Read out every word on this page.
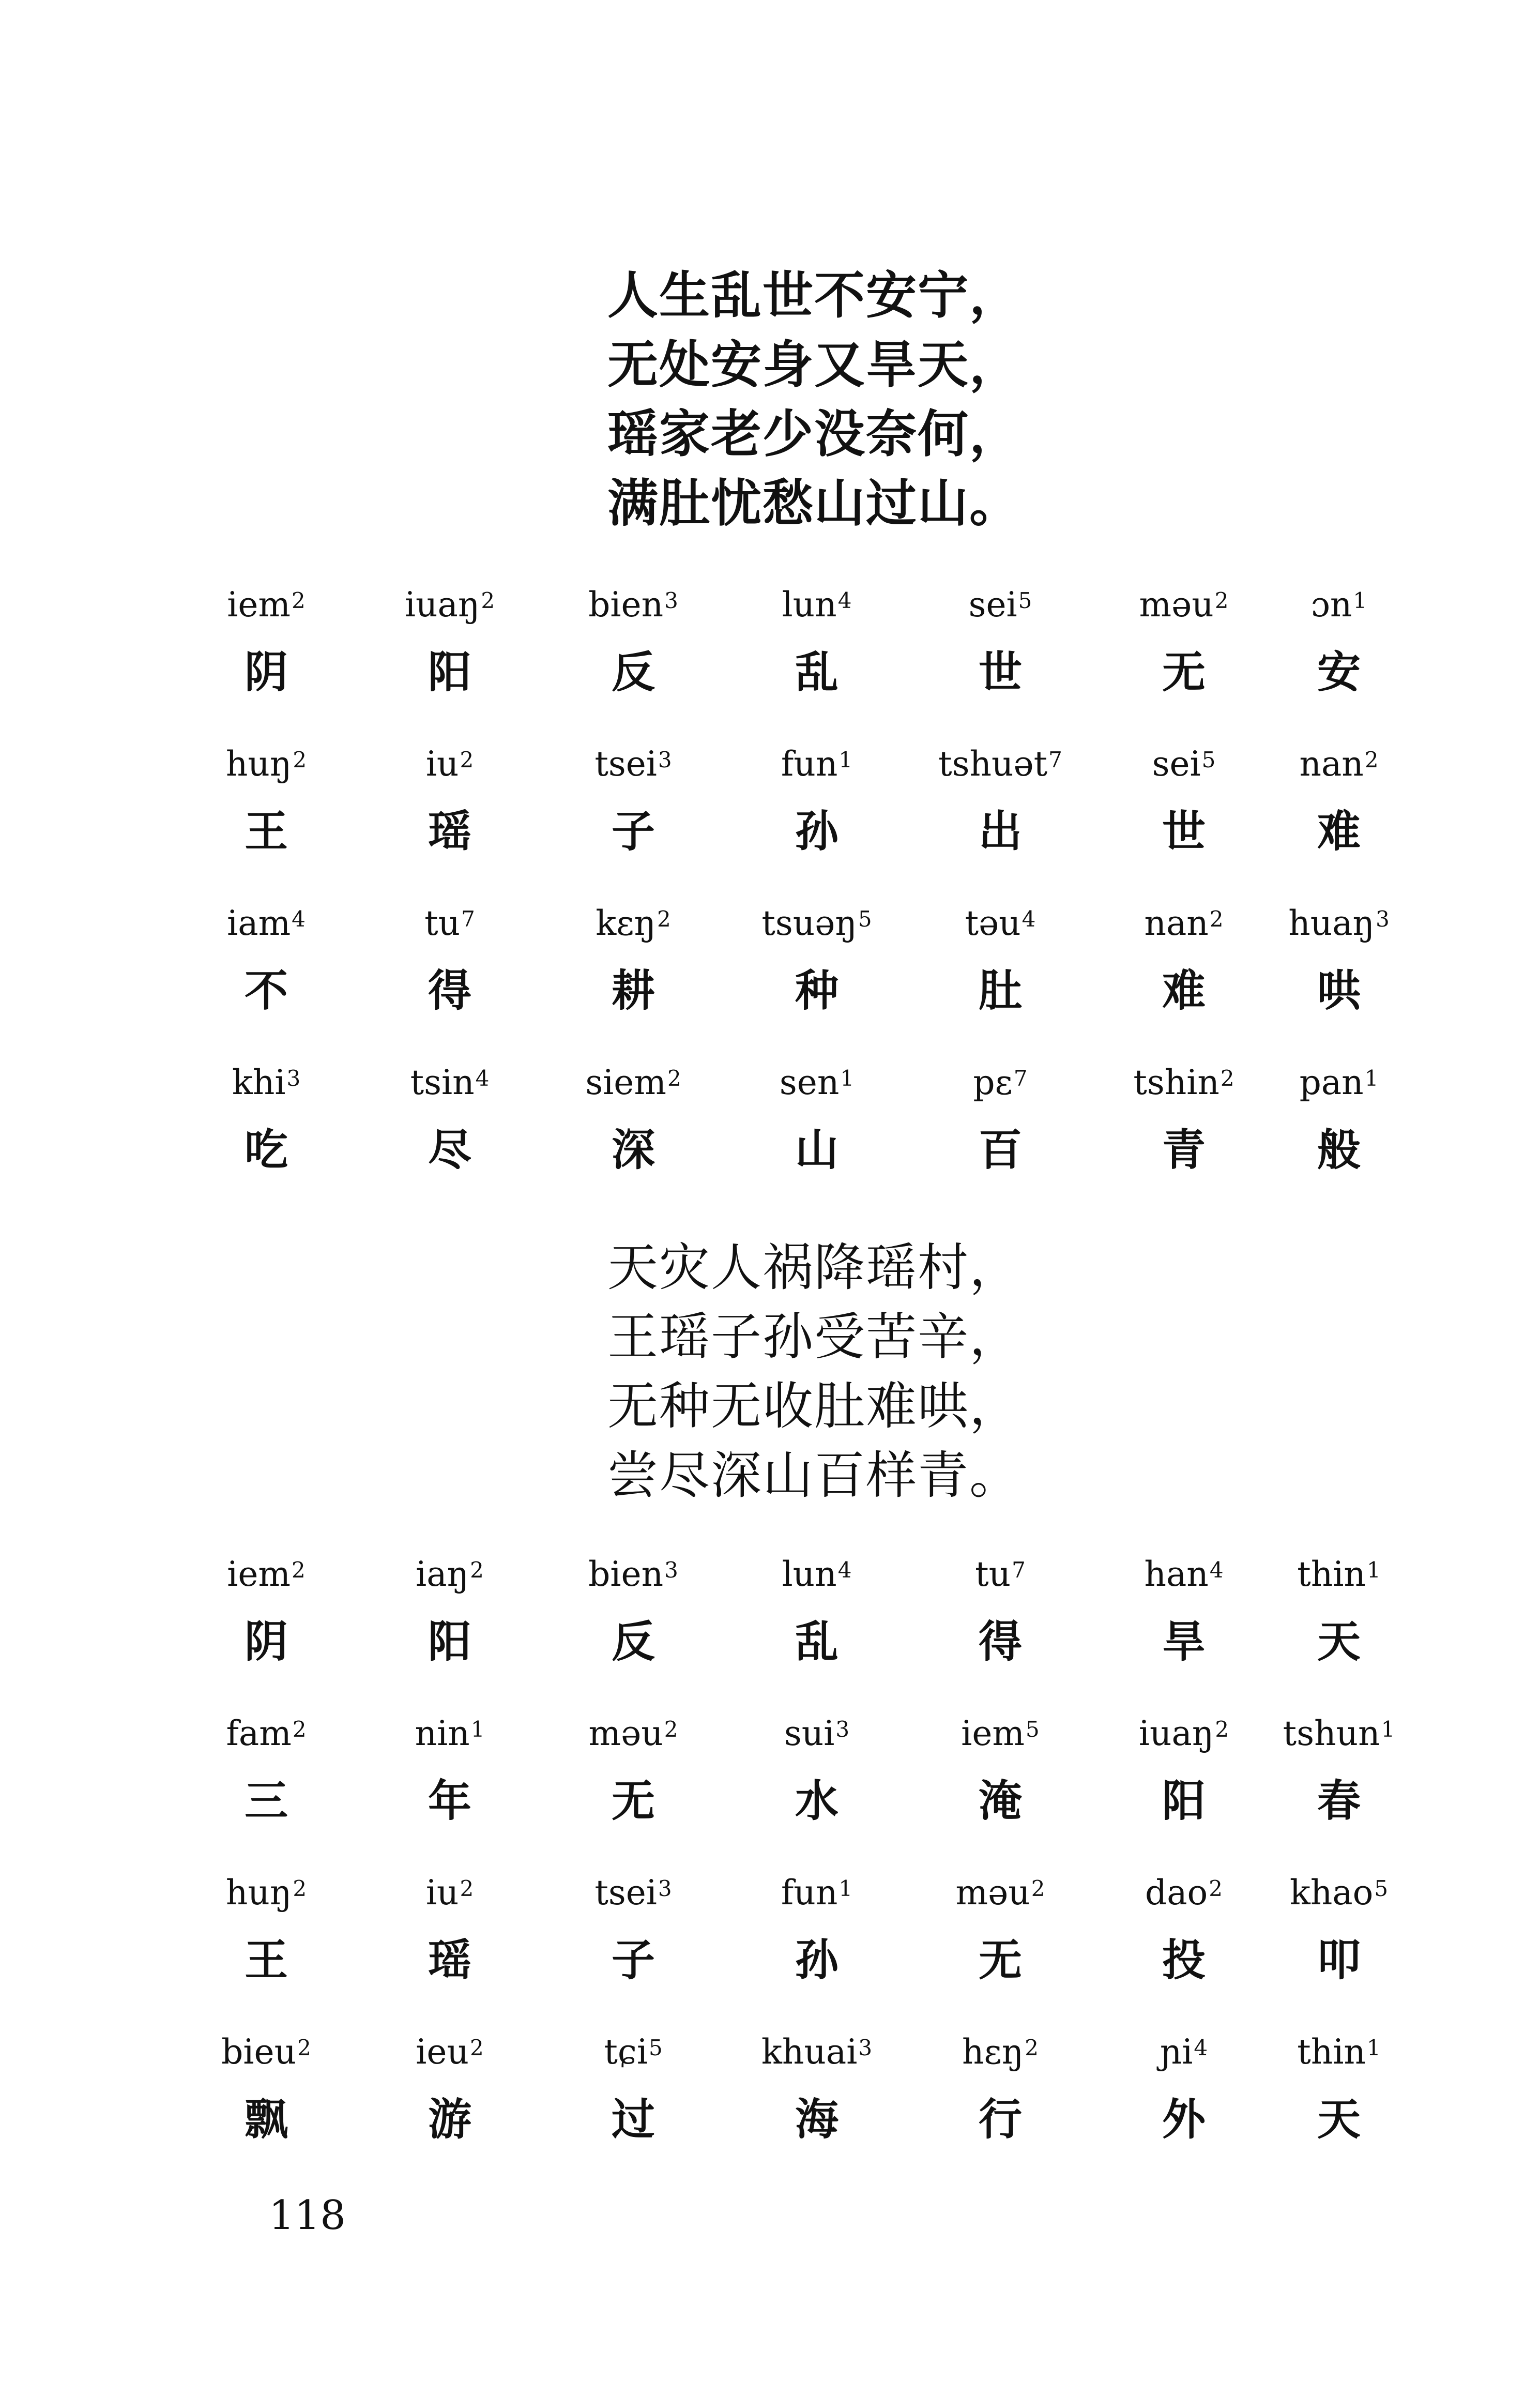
人生乱世不安宁，
无处安身又旱天，
瑶家老少没奈何，
满肚忧愁山过山。
iem$^2$
阴
iuaŋ$^2$
阳
bien$^3$
反
lun$^4$
乱
sei$^5$
世
məu$^2$
无
ɔn$^1$
安
huŋ$^2$
王
$iu^2$
瑶
tsei$^3$
子
fun$^1$
孙
tshuət$^7$
出
sei$^5$
世
nan$^2$
难
iam$^4$
不
$tu^7$
得
kɛŋ$^2$
耕
tsuəŋ$^5$
种
təu$^4$
肚
nan$^2$
难
huaŋ$^3$
哄
khi$^3$
吃
tsin$^4$
尽
siem$^2$
深
sen$^1$
山
pɛ$^7$
百
tshin$^2$
青
pan$^1$
般
天灾人祸降瑶村，
王瑶子孙受苦辛，
无种无收肚难哄，
尝尽深山百样青。
iem$^2$
阴
iaŋ$^2$
阳
bien$^3$
反
lun$^4$
乱
$tu^7$
得
han$^4$
旱
thin$^1$
天
fam$^2$
三
nin$^1$
年
məu$^2$
无
sui$^3$
水
iem$^5$
淹
iuaŋ$^2$
阳
tshun$^1$
春
huŋ$^2$
王
$iu^2$
瑶
tsei$^3$
子
fun$^1$
孙
məu$^2$
无
dao$^2$
投
khao$^5$
叩
bieu$^2$
飘
ieu$^2$
游
tɕi$^5$
过
khuai$^3$
海
hɛŋ$^2$
行
ɲi$^4$
外
thin$^1$
天
118
